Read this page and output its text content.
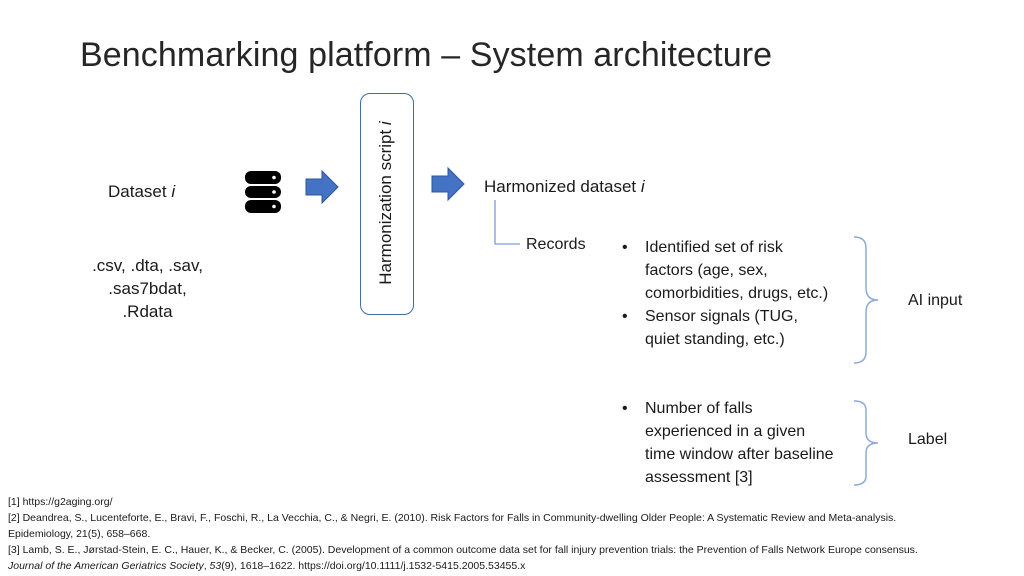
Benchmarking platform – System architecture
Dataset i
.csv, .dta, .sav,
.sas7bdat,
.Rdata
Harmonization script i
Harmonized dataset i
Records
•	Identified set of risk factors (age, sex, comorbidities, drugs, etc.)
• Sensor signals (TUG, quiet standing, etc.)
• Number of falls experienced in a given time window after baseline assessment [3]
AI input
Label

[1] https://g2aging.org/

[2] Deandrea, S., Lucenteforte, E., Bravi, F., Foschi, R., La Vecchia, C., & Negri, E. (2010). Risk Factors for Falls in Community-dwelling Older People: A Systematic Review and Meta-analysis.

Epidemiology, 21(5), 658–668.

[3] Lamb, S. E., Jørstad-Stein, E. C., Hauer, K., & Becker, C. (2005). Development of a common outcome data set for fall injury prevention trials: the Prevention of Falls Network Europe consensus.

Journal of the American Geriatrics Society, 53(9), 1618–1622. https://doi.org/10.1111/j.1532-5415.2005.53455.x
